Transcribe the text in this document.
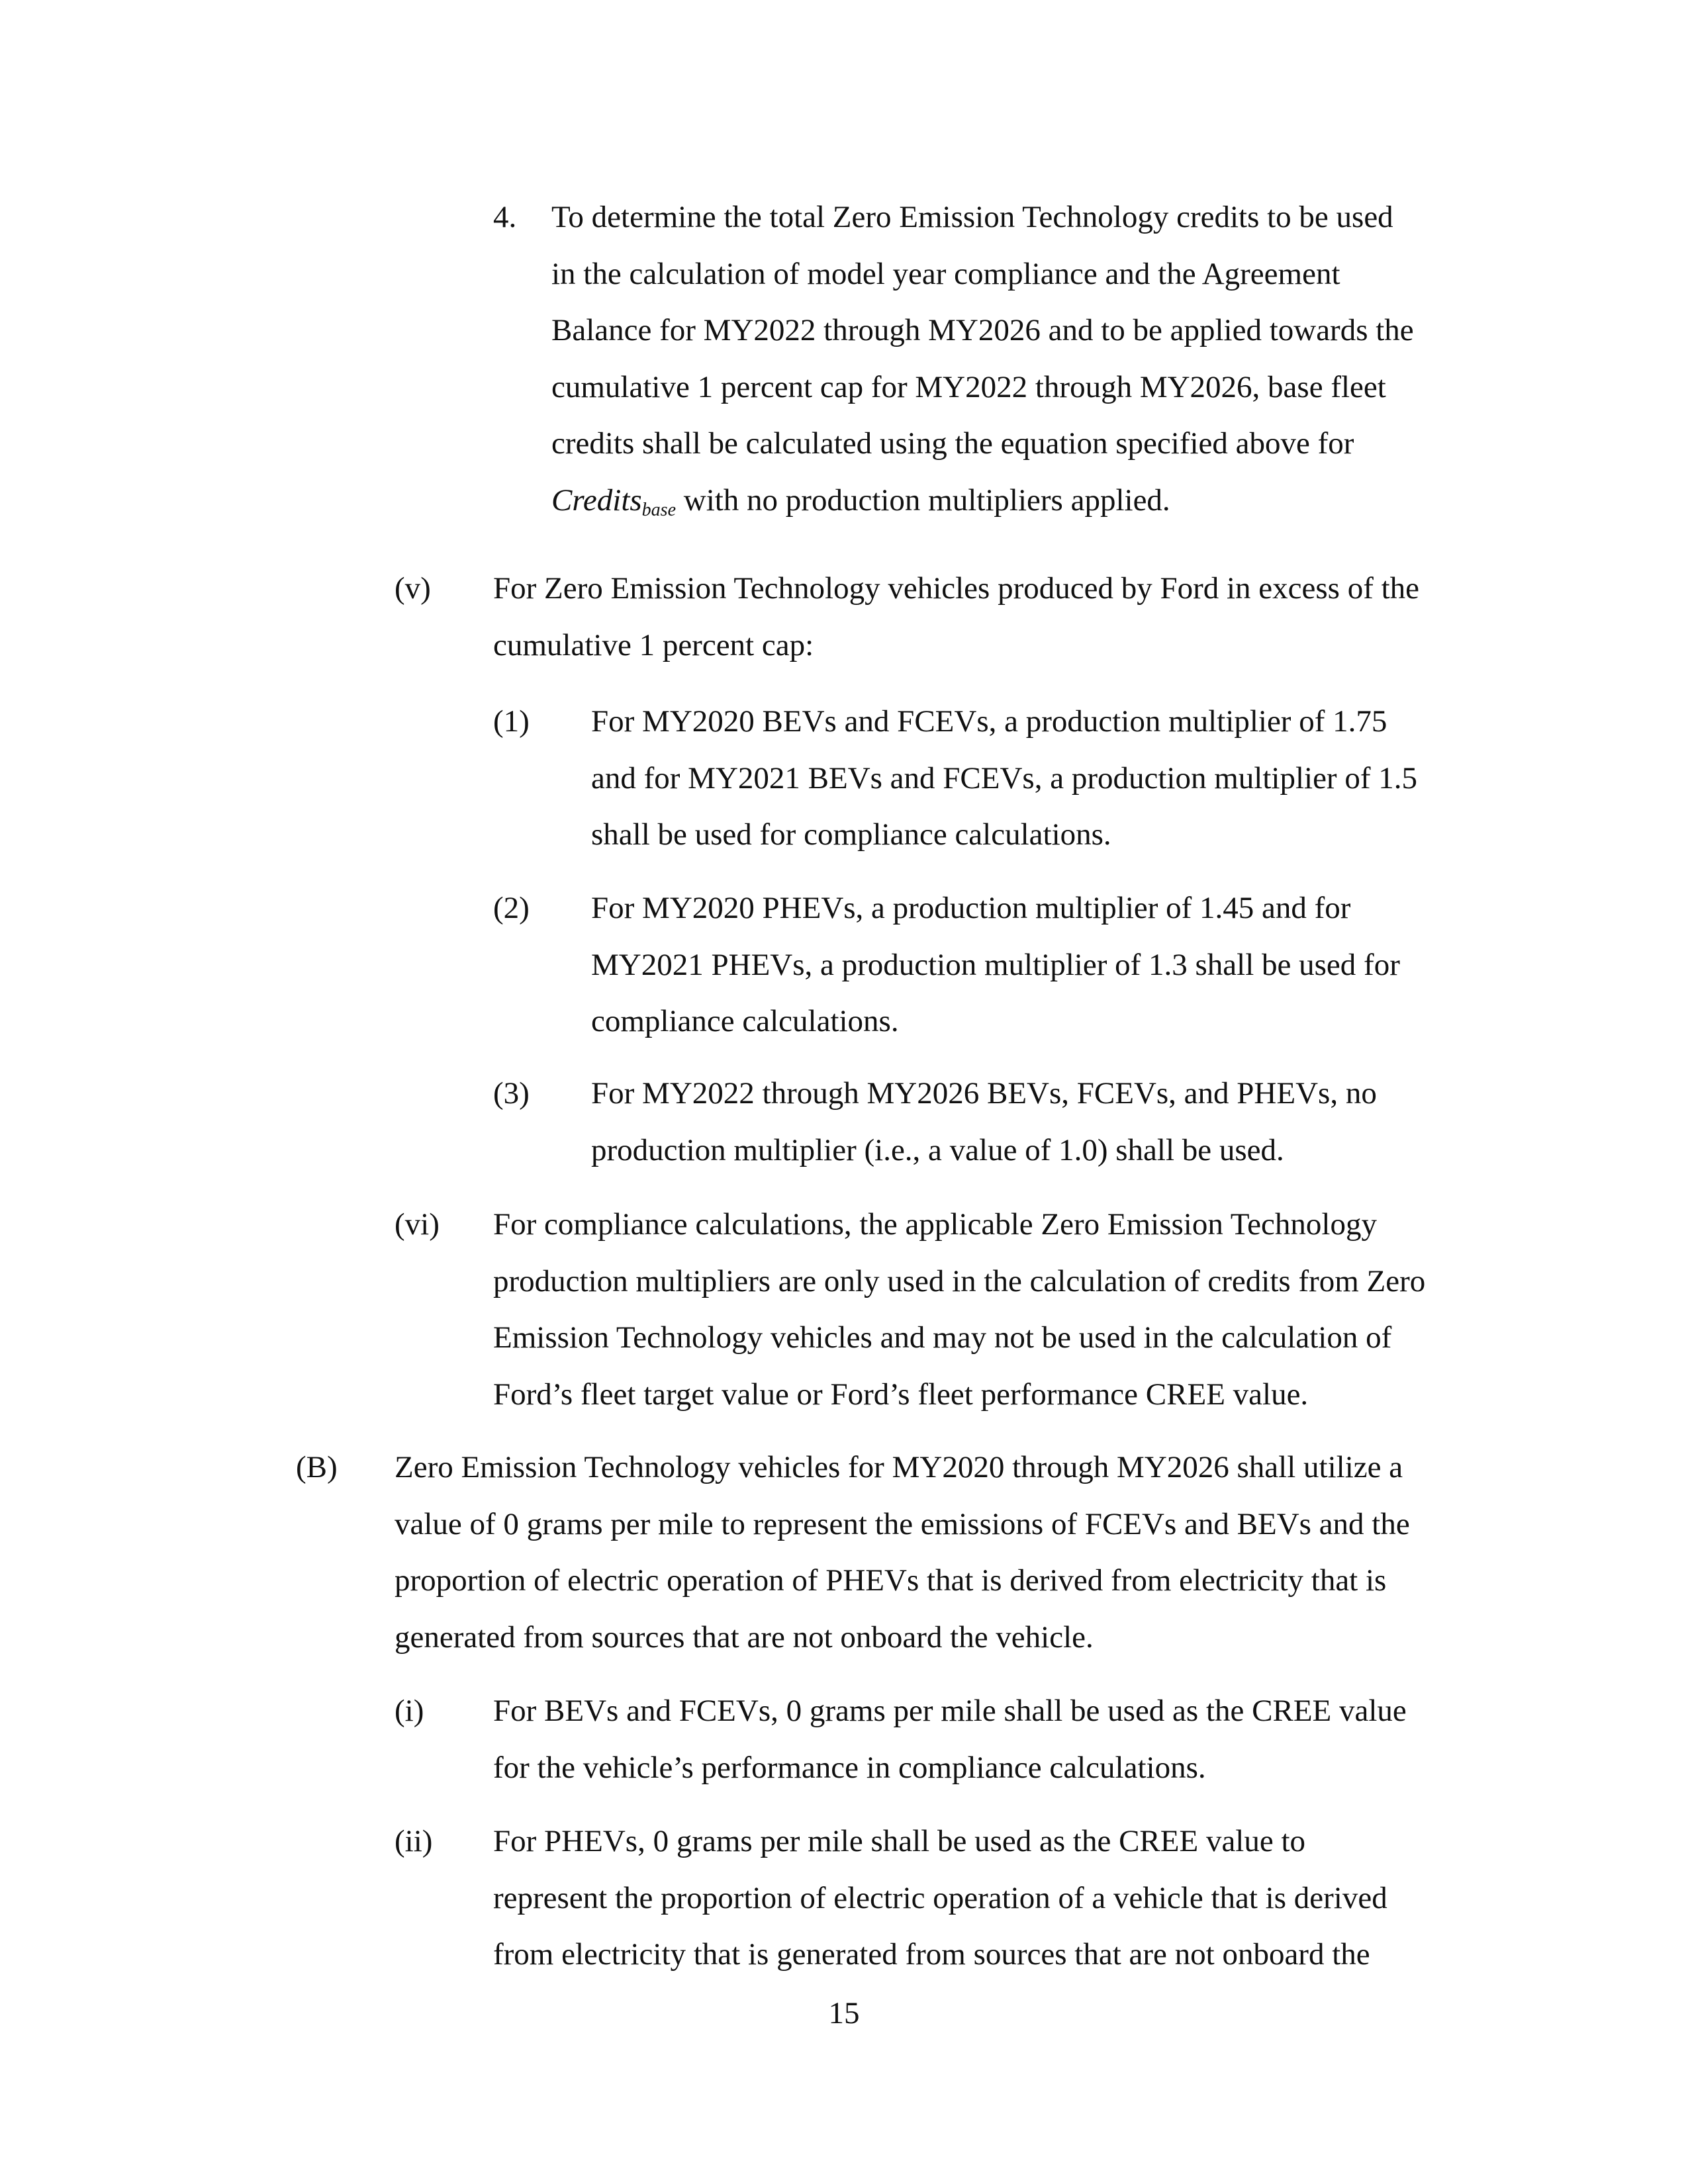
4. To determine the total Zero Emission Technology credits to be used
in the calculation of model year compliance and the Agreement
Balance for MY2022 through MY2026 and to be applied towards the
cumulative 1 percent cap for MY2022 through MY2026, base fleet
credits shall be calculated using the equation specified above for
Creditsbase with no production multipliers applied.
(v) For Zero Emission Technology vehicles produced by Ford in excess of the
cumulative 1 percent cap:
(1) For MY2020 BEVs and FCEVs, a production multiplier of 1.75
and for MY2021 BEVs and FCEVs, a production multiplier of 1.5
shall be used for compliance calculations.
(2) For MY2020 PHEVs, a production multiplier of 1.45 and for
MY2021 PHEVs, a production multiplier of 1.3 shall be used for
compliance calculations.
(3) For MY2022 through MY2026 BEVs, FCEVs, and PHEVs, no
production multiplier (i.e., a value of 1.0) shall be used.
(vi) For compliance calculations, the applicable Zero Emission Technology
production multipliers are only used in the calculation of credits from Zero
Emission Technology vehicles and may not be used in the calculation of
Ford’s fleet target value or Ford’s fleet performance CREE value.
(B) Zero Emission Technology vehicles for MY2020 through MY2026 shall utilize a
value of 0 grams per mile to represent the emissions of FCEVs and BEVs and the
proportion of electric operation of PHEVs that is derived from electricity that is
generated from sources that are not onboard the vehicle.
(i) For BEVs and FCEVs, 0 grams per mile shall be used as the CREE value
for the vehicle’s performance in compliance calculations.
(ii) For PHEVs, 0 grams per mile shall be used as the CREE value to
represent the proportion of electric operation of a vehicle that is derived
from electricity that is generated from sources that are not onboard the
15
